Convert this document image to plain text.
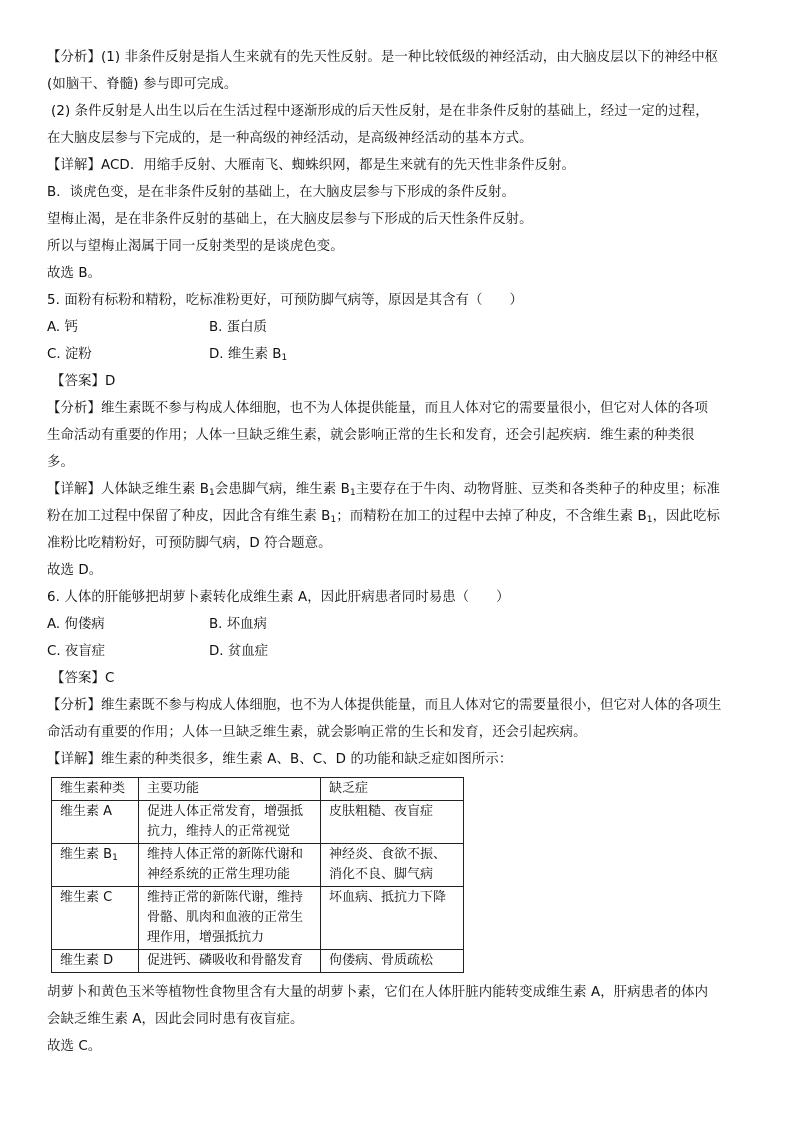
【分析】(1) 非条件反射是指人生来就有的先天性反射。是一种比较低级的神经活动，由大脑皮层以下的神经中枢
(如脑干、脊髓) 参与即可完成。
(2) 条件反射是人出生以后在生活过程中逐渐形成的后天性反射，是在非条件反射的基础上，经过一定的过程，
在大脑皮层参与下完成的，是一种高级的神经活动，是高级神经活动的基本方式。
【详解】ACD．用缩手反射、大雁南飞、蜘蛛织网，都是生来就有的先天性非条件反射。
B．谈虎色变，是在非条件反射的基础上，在大脑皮层参与下形成的条件反射。
望梅止渴，是在非条件反射的基础上，在大脑皮层参与下形成的后天性条件反射。
所以与望梅止渴属于同一反射类型的是谈虎色变。
故选 B。
5. 面粉有标粉和精粉，吃标准粉更好，可预防脚气病等，原因是其含有（　　）
A. 钙	B. 蛋白质
C. 淀粉	D. 维生素 $B_1$
【答案】D
【分析】维生素既不参与构成人体细胞，也不为人体提供能量，而且人体对它的需要量很小，但它对人体的各项
生命活动有重要的作用；人体一旦缺乏维生素，就会影响正常的生长和发育，还会引起疾病．维生素的种类很
多。
【详解】人体缺乏维生素 $B_1$会患脚气病，维生素 $B_1$主要存在于牛肉、动物肾脏、豆类和各类种子的种皮里；标准
粉在加工过程中保留了种皮，因此含有维生素 $B_1$；而精粉在加工的过程中去掉了种皮，不含维生素 $B_1$，因此吃标
准粉比吃精粉好，可预防脚气病，D 符合题意。
故选 D。
6. 人体的肝能够把胡萝卜素转化成维生素 A，因此肝病患者同时易患（　　）
A. 佝偻病	B. 坏血病
C. 夜盲症	D. 贫血症
【答案】C
【分析】维生素既不参与构成人体细胞，也不为人体提供能量，而且人体对它的需要量很小，但它对人体的各项生
命活动有重要的作用；人体一旦缺乏维生素，就会影响正常的生长和发育，还会引起疾病。
【详解】维生素的种类很多，维生素 A、B、C、D 的功能和缺乏症如图所示：
维生素种类	主要功能	缺乏症
维生素 A	促进人体正常发育，增强抵抗力，维持人的正常视觉	皮肤粗糙、夜盲症
维生素 $B_1$	维持人体正常的新陈代谢和神经系统的正常生理功能	神经炎、食欲不振、消化不良、脚气病
维生素 C	维持正常的新陈代谢，维持骨骼、肌肉和血液的正常生理作用，增强抵抗力	坏血病、抵抗力下降
维生素 D	促进钙、磷吸收和骨骼发育	佝偻病、骨质疏松
胡萝卜和黄色玉米等植物性食物里含有大量的胡萝卜素，它们在人体肝脏内能转变成维生素 A，肝病患者的体内
会缺乏维生素 A，因此会同时患有夜盲症。
故选 C。
